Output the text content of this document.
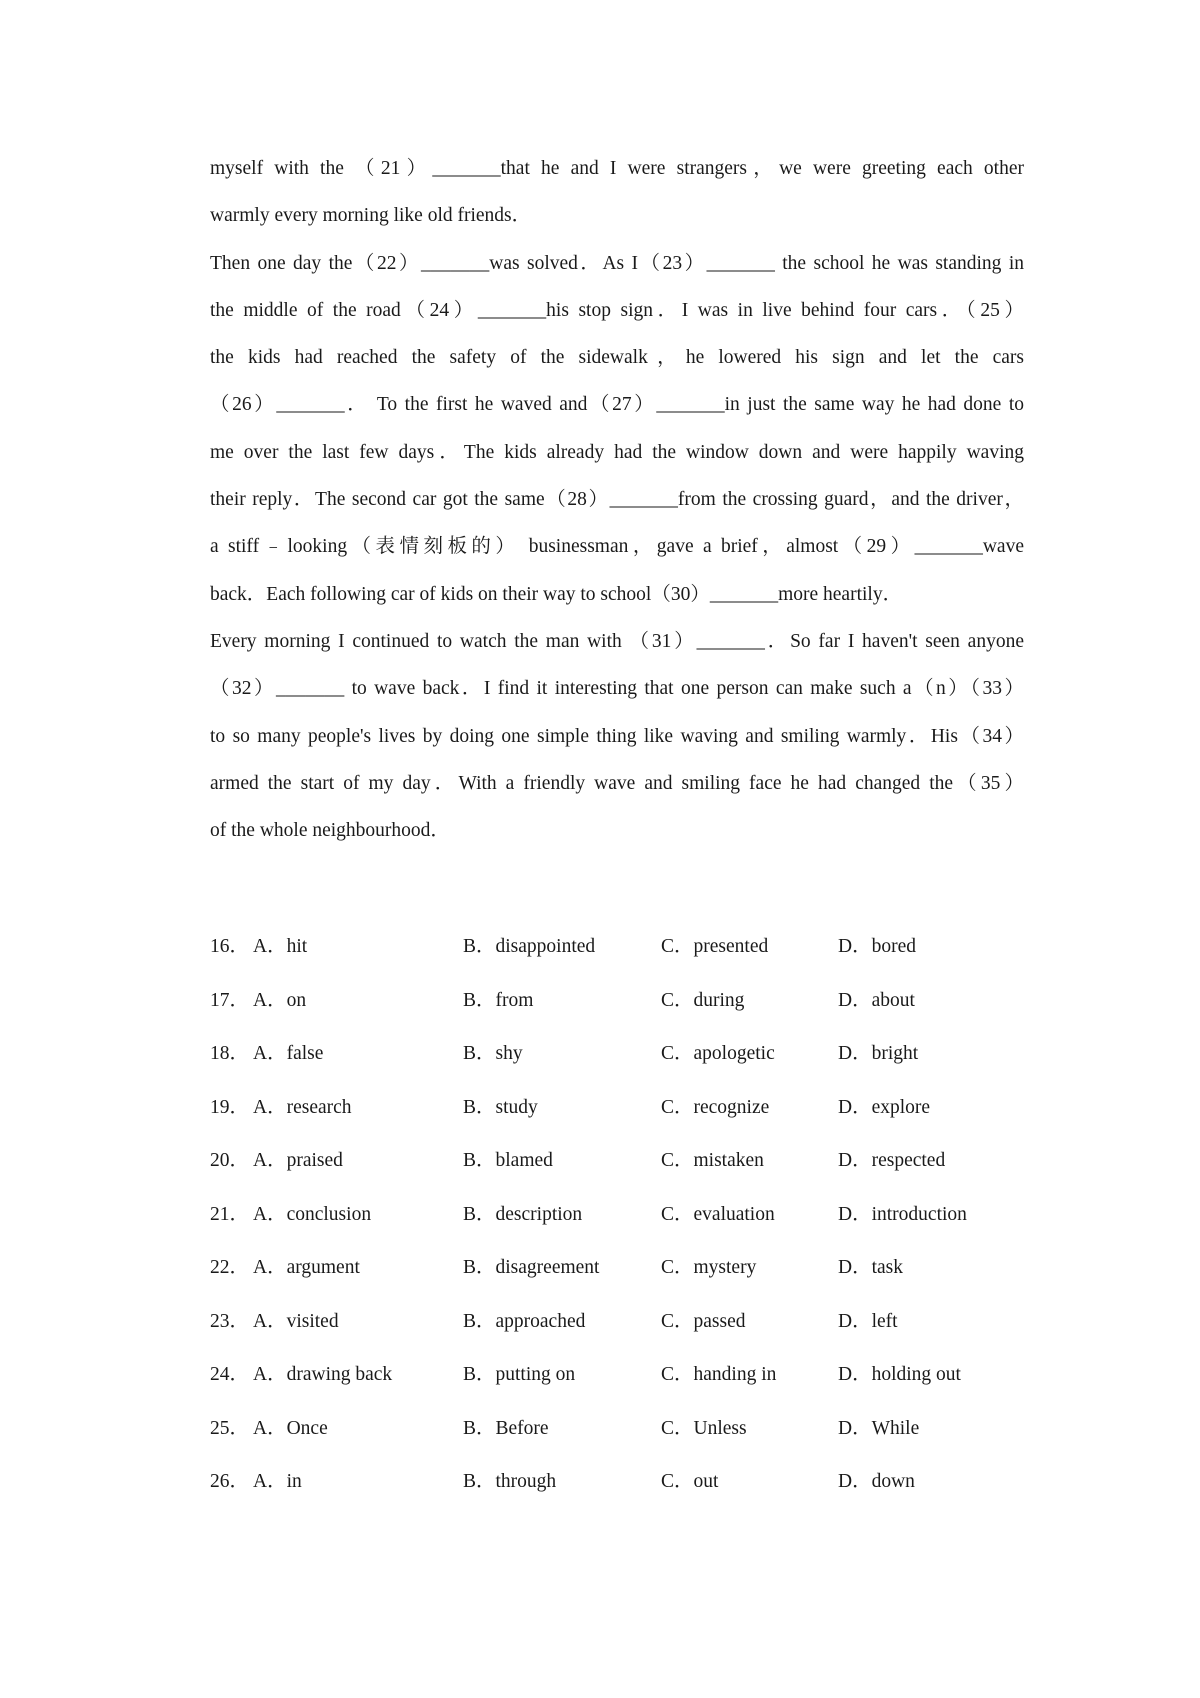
myself with the （21）_______that he and I were strangers，we were greeting each other
warmly every morning like old friends．
Then one day the（22）_______was solved．As I（23）_______ the school he was standing in
the middle of the road（24）_______his stop sign．I was in live behind four cars．（25）
the kids had reached the safety of the sidewalk，he lowered his sign and let the cars
（26）_______． To the first he waved and（27）_______in just the same way he had done to
me over the last few days．The kids already had the window down and were happily waving
their reply．The second car got the same（28）_______from the crossing guard，and the driver，
a stiff﹣looking（表情刻板的） businessman，gave a brief，almost（29）_______wave
back．Each following car of kids on their way to school（30）_______more heartily．
Every morning I continued to watch the man with （31）_______．So far I haven't seen anyone
（32）_______ to wave back．I find it interesting that one person can make such a（n）（33）
to so many people's lives by doing one simple thing like waving and smiling warmly．His（34）
armed the start of my day．With a friendly wave and smiling face he had changed the（35）
of the whole neighbourhood．
16． A．hit	B．disappointed	C．presented	D．bored
17． A．on	B．from	C．during	D．about
18． A．false	B．shy	C．apologetic	D．bright
19． A．research	B．study	C．recognize	D．explore
20． A．praised	B．blamed	C．mistaken	D．respected
21． A．conclusion	B．description	C．evaluation	D．introduction
22． A．argument	B．disagreement	C．mystery	D．task
23． A．visited	B．approached	C．passed	D．left
24． A．drawing back	B．putting on	C．handing in	D．holding out
25． A．Once	B．Before	C．Unless	D．While
26． A．in	B．through	C．out	D．down
